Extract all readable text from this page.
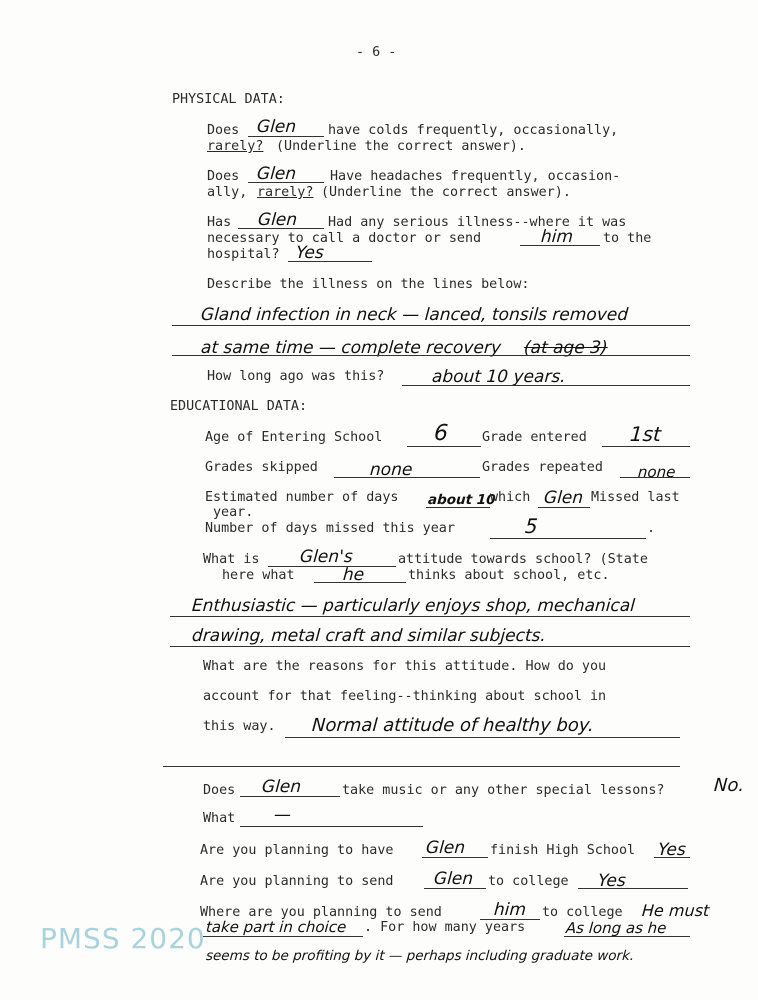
- 6 -
PHYSICAL DATA:
Does Glen have colds frequently, occasionally,
rarely? (Underline the correct answer).
Does Glen Have headaches frequently, occasion-
ally, rarely? (Underline the correct answer).
Has Glen Had any serious illness--where it was
necessary to call a doctor or send	him to the
hospital? Yes
Describe the illness on the lines below:
Gland infection in neck — lanced, tonsils removed
at same time — complete recovery (at age 3)
How long ago was this?	about 10 years.
EDUCATIONAL DATA:
Age of Entering School 6 Grade entered 1st
Grades skipped	none	Grades repeated none
Estimated number of days about 10
which Glen Missed last
year.
Number of days missed this year	5	.
What is Glen's	attitude towards school? (State
here what	he	thinks about school, etc.
Enthusiastic — particularly enjoys shop, mechanical
drawing, metal craft and similar subjects.
What are the reasons for this attitude. How do you
account for that feeling--thinking about school in
this way. Normal attitude of healthy boy.
Does Glen	take music or any other special lessons?	No.
What —
Are you planning to have Glen finish High School Yes
Are you planning to send Glen to college Yes
Where are you planning to send	him to college He must
take part in choice . For how many years	As long as he
seems to be profiting by it — perhaps including graduate work.
PMSS 2020
